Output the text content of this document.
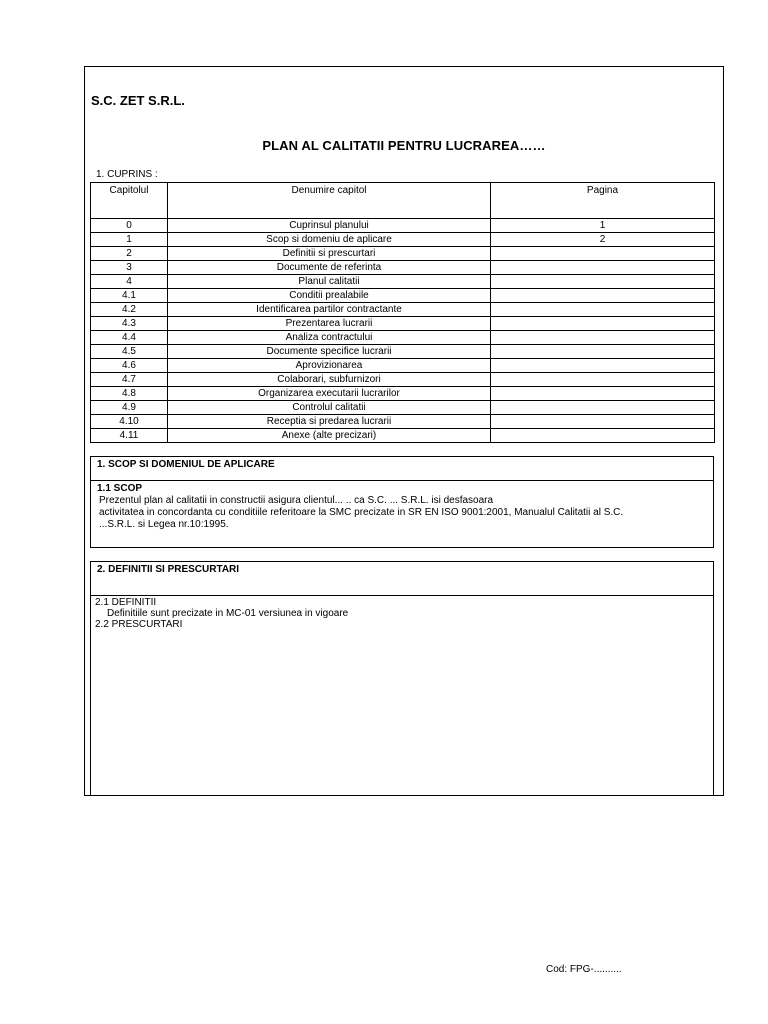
S.C. ZET S.R.L.
PLAN AL CALITATII PENTRU LUCRAREA……
1. CUPRINS :
Capitolul	Denumire capitol	Pagina
0	Cuprinsul planului	1
1	Scop si domeniu de aplicare	2
2	Definitii si prescurtari	
3	Documente de referinta	
4	Planul calitatii	
4.1	Conditii prealabile	
4.2	Identificarea partilor contractante	
4.3	Prezentarea lucrarii	
4.4	Analiza contractului	
4.5	Documente specifice lucrarii	
4.6	Aprovizionarea	
4.7	Colaborari, subfurnizori	
4.8	Organizarea executarii lucrarilor	
4.9	Controlul calitatii	
4.10	Receptia si predarea lucrarii	
4.11	Anexe (alte precizari)	
1. SCOP SI DOMENIUL DE APLICARE
1.1 SCOP
Prezentul plan al calitatii in constructii asigura clientul... .. ca S.C. ... S.R.L. isi desfasoara
activitatea in concordanta cu conditiile referitoare la SMC precizate in SR EN ISO 9001:2001, Manualul Calitatii al S.C.
...S.R.L. si Legea nr.10:1995.
2. DEFINITII SI PRESCURTARI
2.1 DEFINITII
Definitiile sunt precizate in MC-01 versiunea in vigoare
2.2 PRESCURTARI
Cod: FPG-..........
